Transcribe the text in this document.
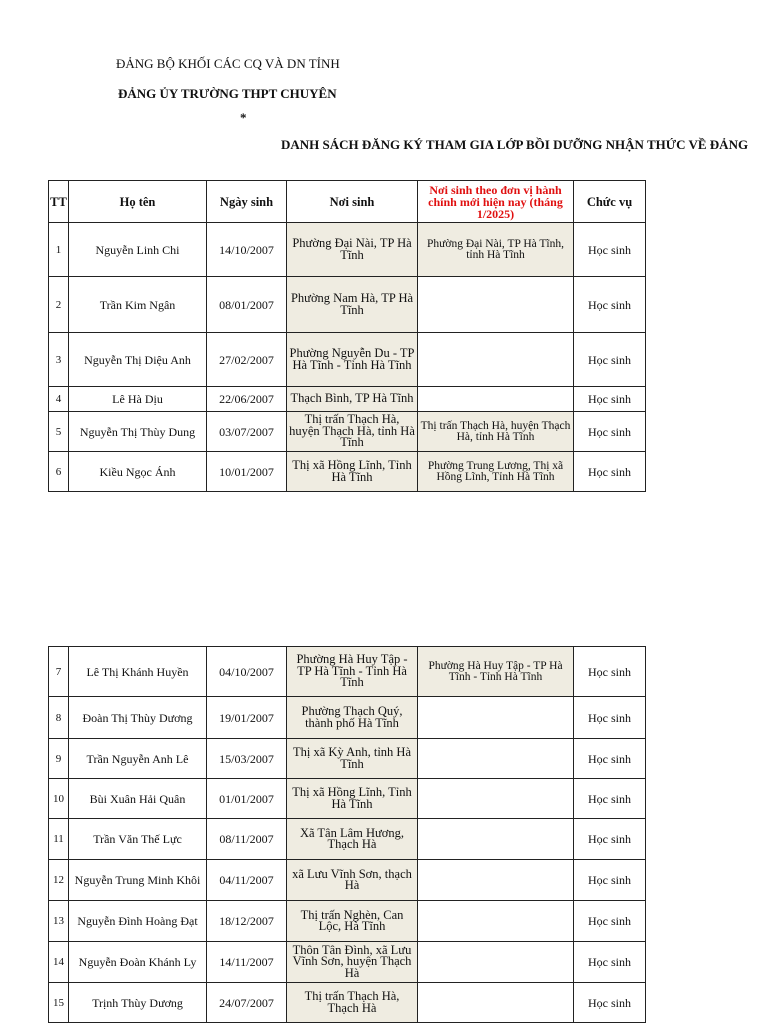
ĐẢNG BỘ KHỐI CÁC CQ VÀ DN TỈNH
ĐẢNG ỦY TRƯỜNG THPT CHUYÊN
*
DANH SÁCH ĐĂNG KÝ THAM GIA LỚP BỒI DƯỠNG NHẬN THỨC VỀ ĐẢNG
TT	Họ tên	Ngày sinh	Nơi sinh	Nơi sinh theo đơn vị hành chính mới hiện nay (tháng 1/2025)	Chức vụ
1	Nguyễn Linh Chi	14/10/2007	Phường Đại Nài, TP Hà Tĩnh	Phường Đại Nài, TP Hà Tĩnh, tỉnh Hà Tĩnh	Học sinh
2	Trần Kim Ngân	08/01/2007	Phường Nam Hà, TP Hà Tĩnh		Học sinh
3	Nguyễn Thị Diệu Anh	27/02/2007	Phường Nguyễn Du - TP Hà Tĩnh - Tỉnh Hà Tĩnh		Học sinh
4	Lê Hà Dịu	22/06/2007	Thạch Bình, TP Hà Tĩnh		Học sinh
5	Nguyễn Thị Thùy Dung	03/07/2007	Thị trấn Thạch Hà, huyện Thạch Hà, tỉnh Hà Tĩnh	Thị trấn Thạch Hà, huyện Thạch Hà, tỉnh Hà Tĩnh	Học sinh
6	Kiều Ngọc Ánh	10/01/2007	Thị xã Hồng Lĩnh, Tỉnh Hà Tĩnh	Phường Trung Lương, Thị xã Hồng Lĩnh, Tỉnh Hà Tĩnh	Học sinh
7	Lê Thị Khánh Huyền	04/10/2007	Phường Hà Huy Tập - TP Hà Tĩnh - Tỉnh Hà Tĩnh	Phường Hà Huy Tập - TP Hà Tĩnh - Tỉnh Hà Tĩnh	Học sinh
8	Đoàn Thị Thùy Dương	19/01/2007	Phường Thạch Quý, thành phố Hà Tĩnh		Học sinh
9	Trần Nguyễn Anh Lê	15/03/2007	Thị xã Kỳ Anh, tỉnh Hà Tĩnh		Học sinh
10	Bùi Xuân Hải Quân	01/01/2007	Thị xã Hồng Lĩnh, Tỉnh Hà Tĩnh		Học sinh
11	Trần Văn Thế Lực	08/11/2007	Xã Tân Lâm Hương, Thạch Hà		Học sinh
12	Nguyễn Trung Minh Khôi	04/11/2007	xã Lưu Vĩnh Sơn, thạch Hà		Học sinh
13	Nguyễn Đình Hoàng Đạt	18/12/2007	Thị trấn Nghèn, Can Lộc, Hà Tĩnh		Học sinh
14	Nguyễn Đoàn Khánh Ly	14/11/2007	Thôn Tân Đình, xã Lưu Vĩnh Sơn, huyện Thạch Hà		Học sinh
15	Trịnh Thùy Dương	24/07/2007	Thị trấn Thạch Hà, Thạch Hà		Học sinh
